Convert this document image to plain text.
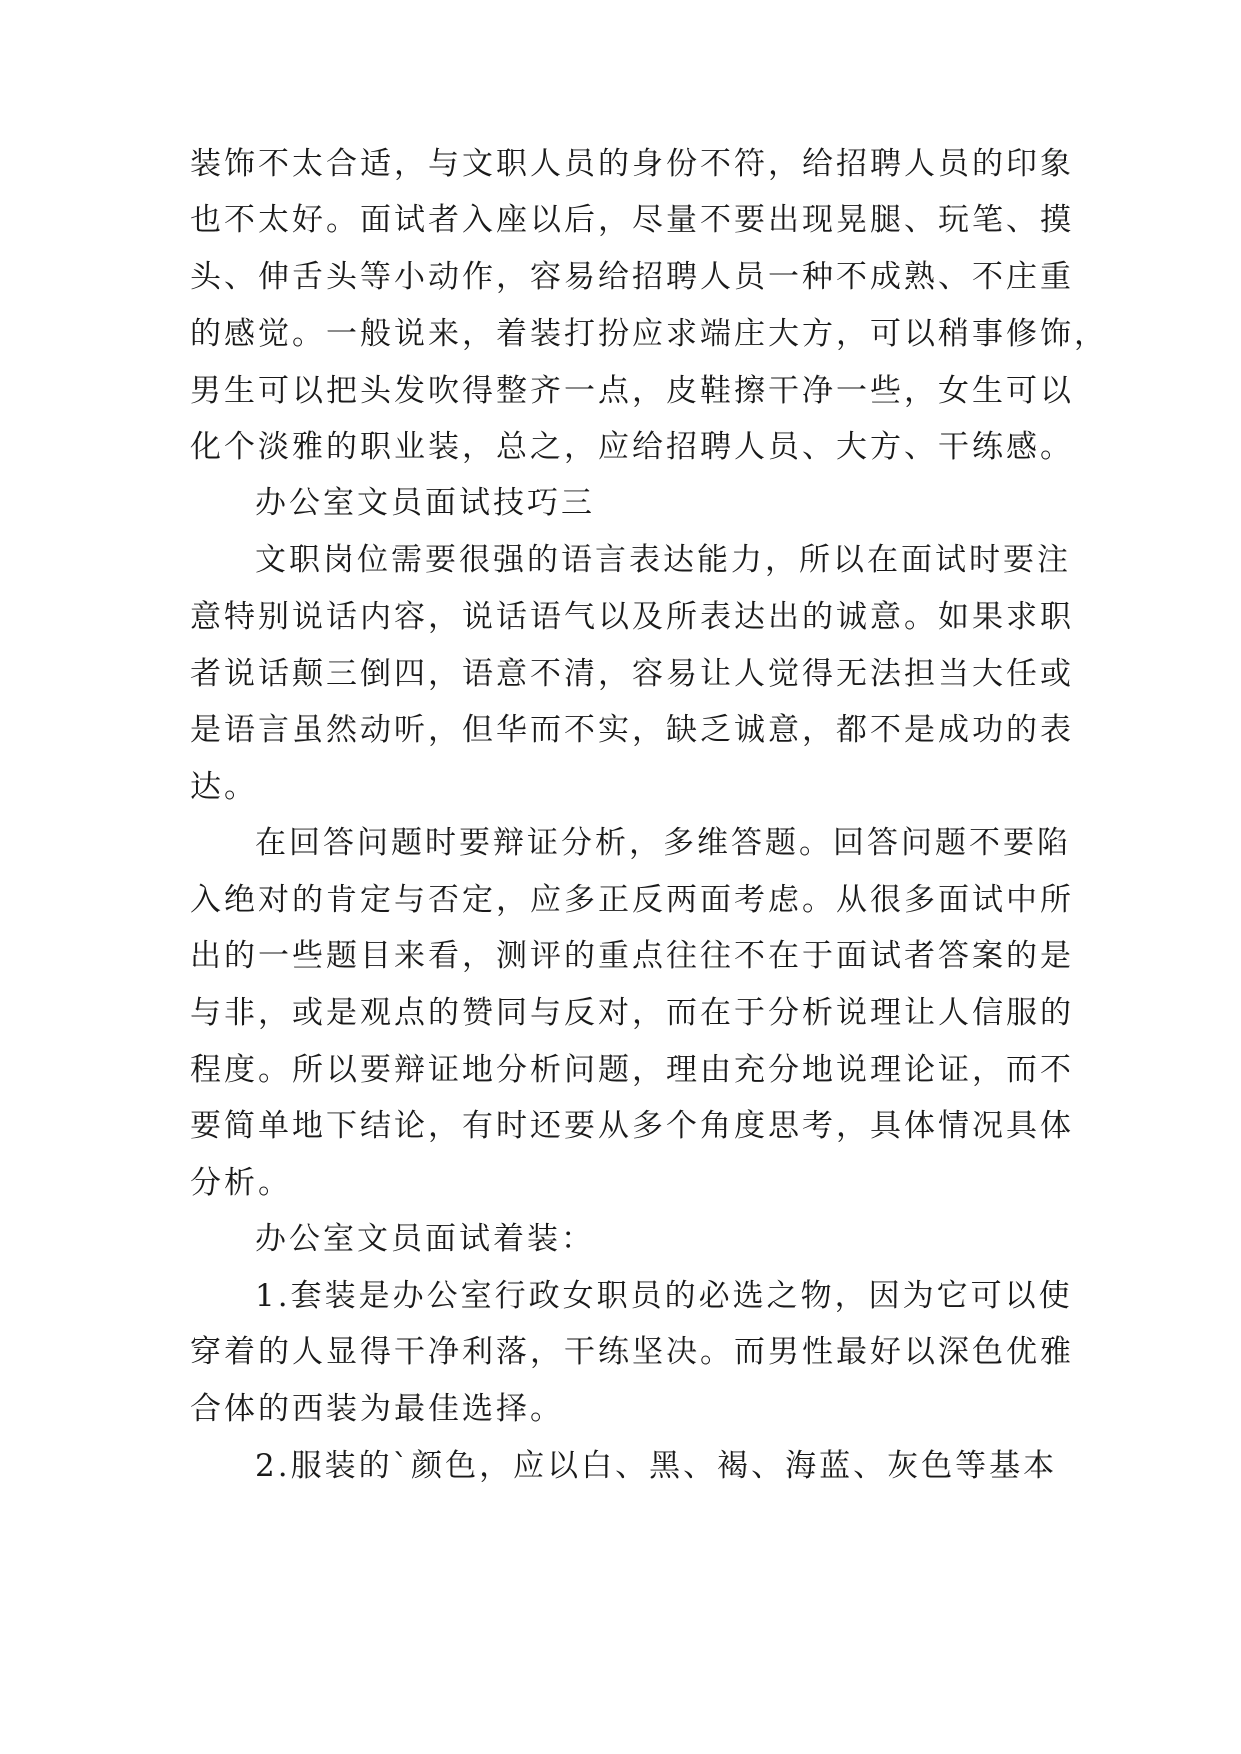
装饰不太合适，与文职人员的身份不符，给招聘人员的印象

也不太好。面试者入座以后，尽量不要出现晃腿、玩笔、摸

头、伸舌头等小动作，容易给招聘人员一种不成熟、不庄重

的感觉。一般说来，着装打扮应求端庄大方，可以稍事修饰，

男生可以把头发吹得整齐一点，皮鞋擦干净一些，女生可以

化个淡雅的职业装，总之，应给招聘人员、大方、干练感。

办公室文员面试技巧三

文职岗位需要很强的语言表达能力，所以在面试时要注

意特别说话内容，说话语气以及所表达出的诚意。如果求职

者说话颠三倒四，语意不清，容易让人觉得无法担当大任或

是语言虽然动听，但华而不实，缺乏诚意，都不是成功的表

达。

在回答问题时要辩证分析，多维答题。回答问题不要陷

入绝对的肯定与否定，应多正反两面考虑。从很多面试中所

出的一些题目来看，测评的重点往往不在于面试者答案的是

与非，或是观点的赞同与反对，而在于分析说理让人信服的

程度。所以要辩证地分析问题，理由充分地说理论证，而不

要简单地下结论，有时还要从多个角度思考，具体情况具体

分析。

办公室文员面试着装：

1.套装是办公室行政女职员的必选之物，因为它可以使

穿着的人显得干净利落，干练坚决。而男性最好以深色优雅

合体的西装为最佳选择。

2.服装的`颜色，应以白、黑、褐、海蓝、灰色等基本
